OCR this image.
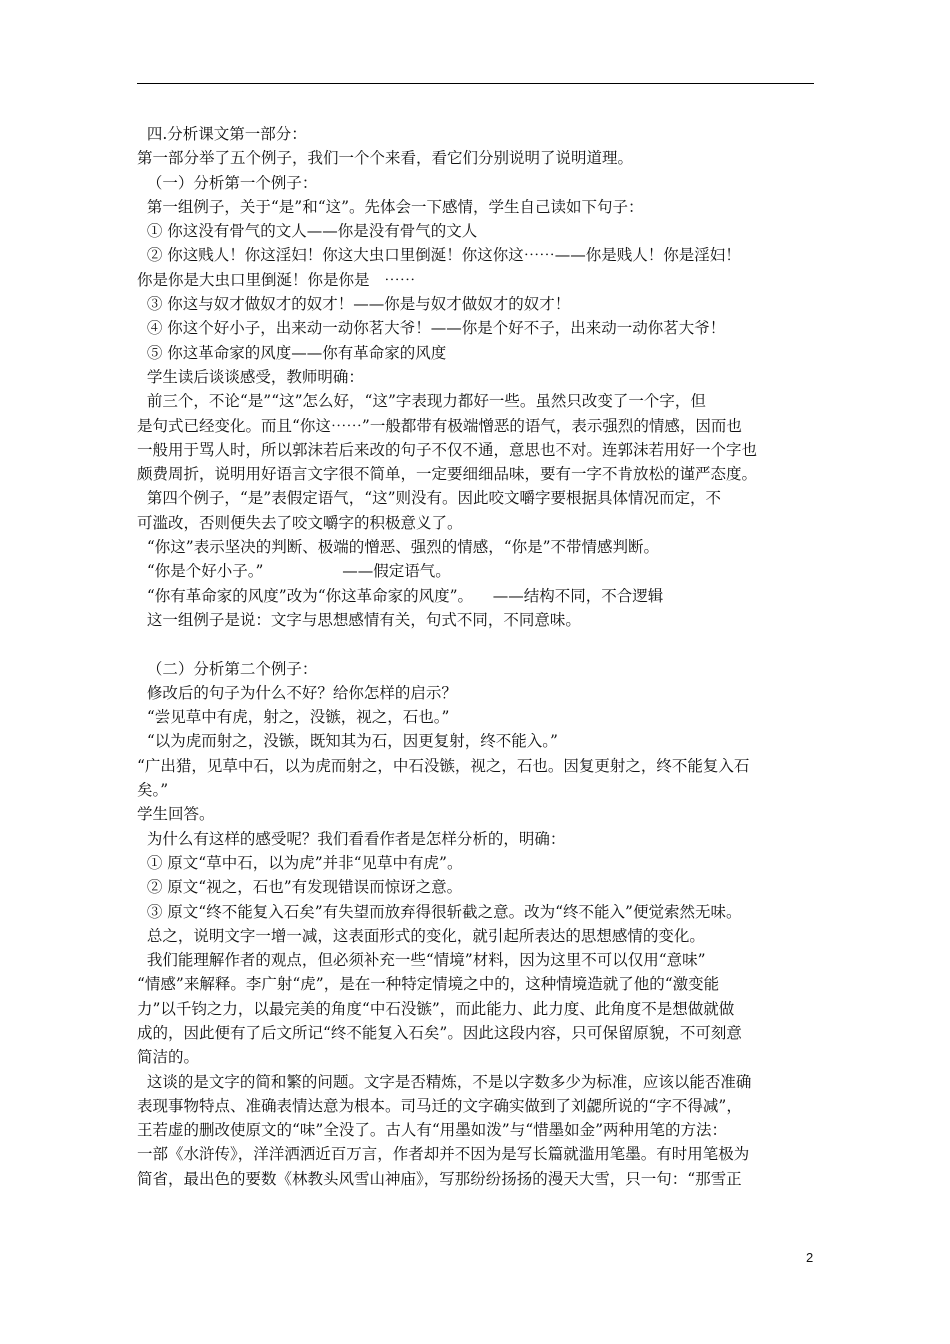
四.分析课文第一部分：
第一部分举了五个例子，我们一个个来看，看它们分别说明了说明道理。
（一）分析第一个例子：
第一组例子，关于“是”和“这”。先体会一下感情，学生自己读如下句子：
① 你这没有骨气的文人——你是没有骨气的文人
② 你这贱人！你这淫妇！你这大虫口里倒涎！你这你这⋯⋯——你是贱人！你是淫妇！
你是你是大虫口里倒涎！你是你是   ⋯⋯
③ 你这与奴才做奴才的奴才！——你是与奴才做奴才的奴才！
④ 你这个好小子，出来动一动你茗大爷！——你是个好不子，出来动一动你茗大爷！
⑤ 你这革命家的风度——你有革命家的风度
学生读后谈谈感受，教师明确：
前三个，不论“是”“这”怎么好，“这”字表现力都好一些。虽然只改变了一个字，但
是句式已经变化。而且“你这⋯⋯”一般都带有极端憎恶的语气，表示强烈的情感，因而也
一般用于骂人时，所以郭沫若后来改的句子不仅不通，意思也不对。连郭沫若用好一个字也
颇费周折，说明用好语言文字很不简单，一定要细细品味，要有一字不肯放松的谨严态度。
第四个例子，“是”表假定语气，“这”则没有。因此咬文嚼字要根据具体情况而定，不
可滥改，否则便失去了咬文嚼字的积极意义了。
“你这”表示坚决的判断、极端的憎恶、强烈的情感，“你是”不带情感判断。
“你是个好小子。”                ——假定语气。
“你有革命家的风度”改为“你这革命家的风度”。    ——结构不同，不合逻辑
这一组例子是说：文字与思想感情有关，句式不同，不同意味。
（二）分析第二个例子：
修改后的句子为什么不好？给你怎样的启示？
“尝见草中有虎，射之，没镞，视之，石也。”
“以为虎而射之，没镞，既知其为石，因更复射，终不能入。”
“广出猎，见草中石，以为虎而射之，中石没镞，视之，石也。因复更射之，终不能复入石
矣。”
学生回答。
为什么有这样的感受呢？我们看看作者是怎样分析的，明确：
① 原文“草中石，以为虎”并非“见草中有虎”。
② 原文“视之，石也”有发现错误而惊讶之意。
③ 原文“终不能复入石矣”有失望而放弃得很斩截之意。改为“终不能入”便觉索然无味。
总之，说明文字一增一减，这表面形式的变化，就引起所表达的思想感情的变化。
我们能理解作者的观点，但必须补充一些“情境”材料，因为这里不可以仅用“意味”
“情感”来解释。李广射“虎”，是在一种特定情境之中的，这种情境造就了他的“激变能
力”以千钧之力，以最完美的角度“中石没镞”，而此能力、此力度、此角度不是想做就做
成的，因此便有了后文所记“终不能复入石矣”。因此这段内容，只可保留原貌，不可刻意
简洁的。
这谈的是文字的简和繁的问题。文字是否精炼，不是以字数多少为标准，应该以能否准确
表现事物特点、准确表情达意为根本。司马迁的文字确实做到了刘勰所说的“字不得减”，
王若虚的删改使原文的“味”全没了。古人有“用墨如泼”与“惜墨如金”两种用笔的方法：
一部《水浒传》，洋洋洒洒近百万言，作者却并不因为是写长篇就滥用笔墨。有时用笔极为
简省，最出色的要数《林教头风雪山神庙》，写那纷纷扬扬的漫天大雪，只一句：“那雪正
2
